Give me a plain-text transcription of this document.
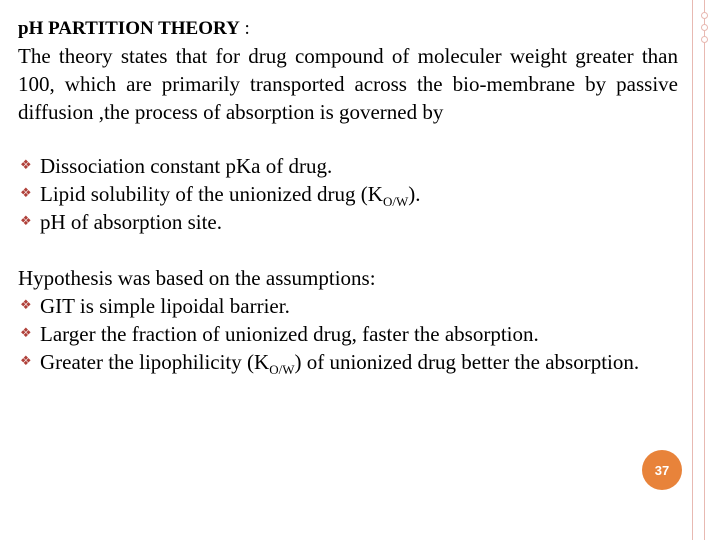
pH PARTITION THEORY :
The theory states that for drug compound of moleculer weight greater than 100, which are primarily transported across the bio-membrane by passive diffusion ,the process of absorption is governed by
❖ Dissociation constant pKa of drug.
❖ Lipid solubility of the unionized drug $(K_{O/W})$.
❖ pH of absorption site.
Hypothesis was based on the assumptions:
❖ GIT is simple lipoidal barrier.
❖ Larger the fraction of unionized drug, faster the absorption.
❖ Greater the lipophilicity $(K_{O/W})$ of unionized drug better the absorption.
37
